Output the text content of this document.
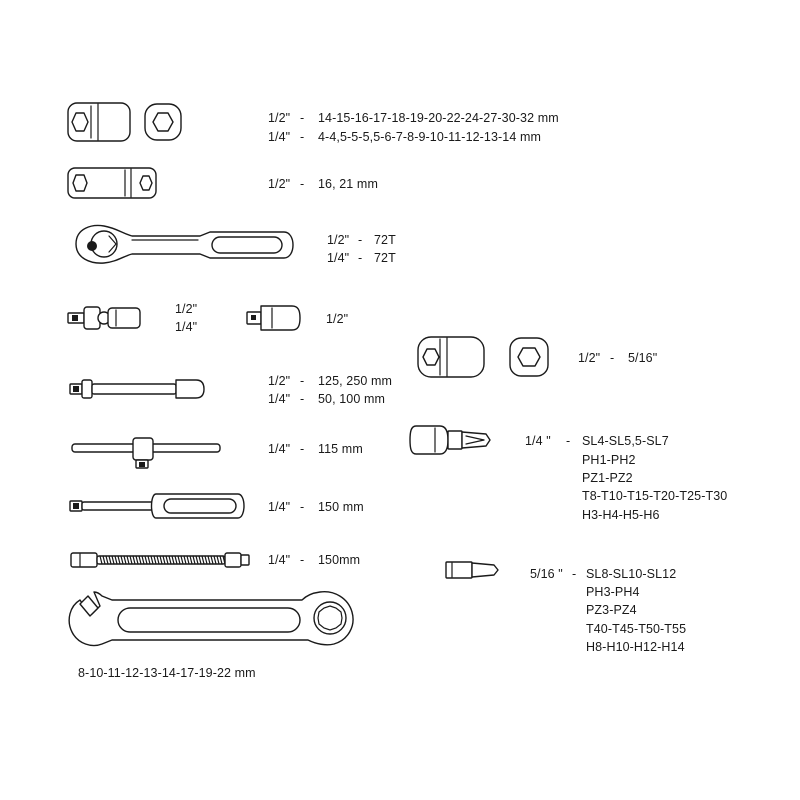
1/2" - 14-15-16-17-18-19-20-22-24-27-30-32 mm
1/4" - 4-4,5-5-5,5-6-7-8-9-10-11-12-13-14 mm
1/2" - 16, 21 mm
1/2" - 72T
1/4" - 72T
1/2"
1/4"
1/2"
1/2" - 5/16"
1/2" - 125, 250 mm
1/4" - 50, 100 mm
1/4" - 115 mm
1/4 " - SL4-SL5,5-SL7
PH1-PH2
PZ1-PZ2
T8-T10-T15-T20-T25-T30
H3-H4-H5-H6
1/4" - 150 mm
1/4" - 150mm
5/16 " - SL8-SL10-SL12
PH3-PH4
PZ3-PZ4
T40-T45-T50-T55
H8-H10-H12-H14
8-10-11-12-13-14-17-19-22 mm
